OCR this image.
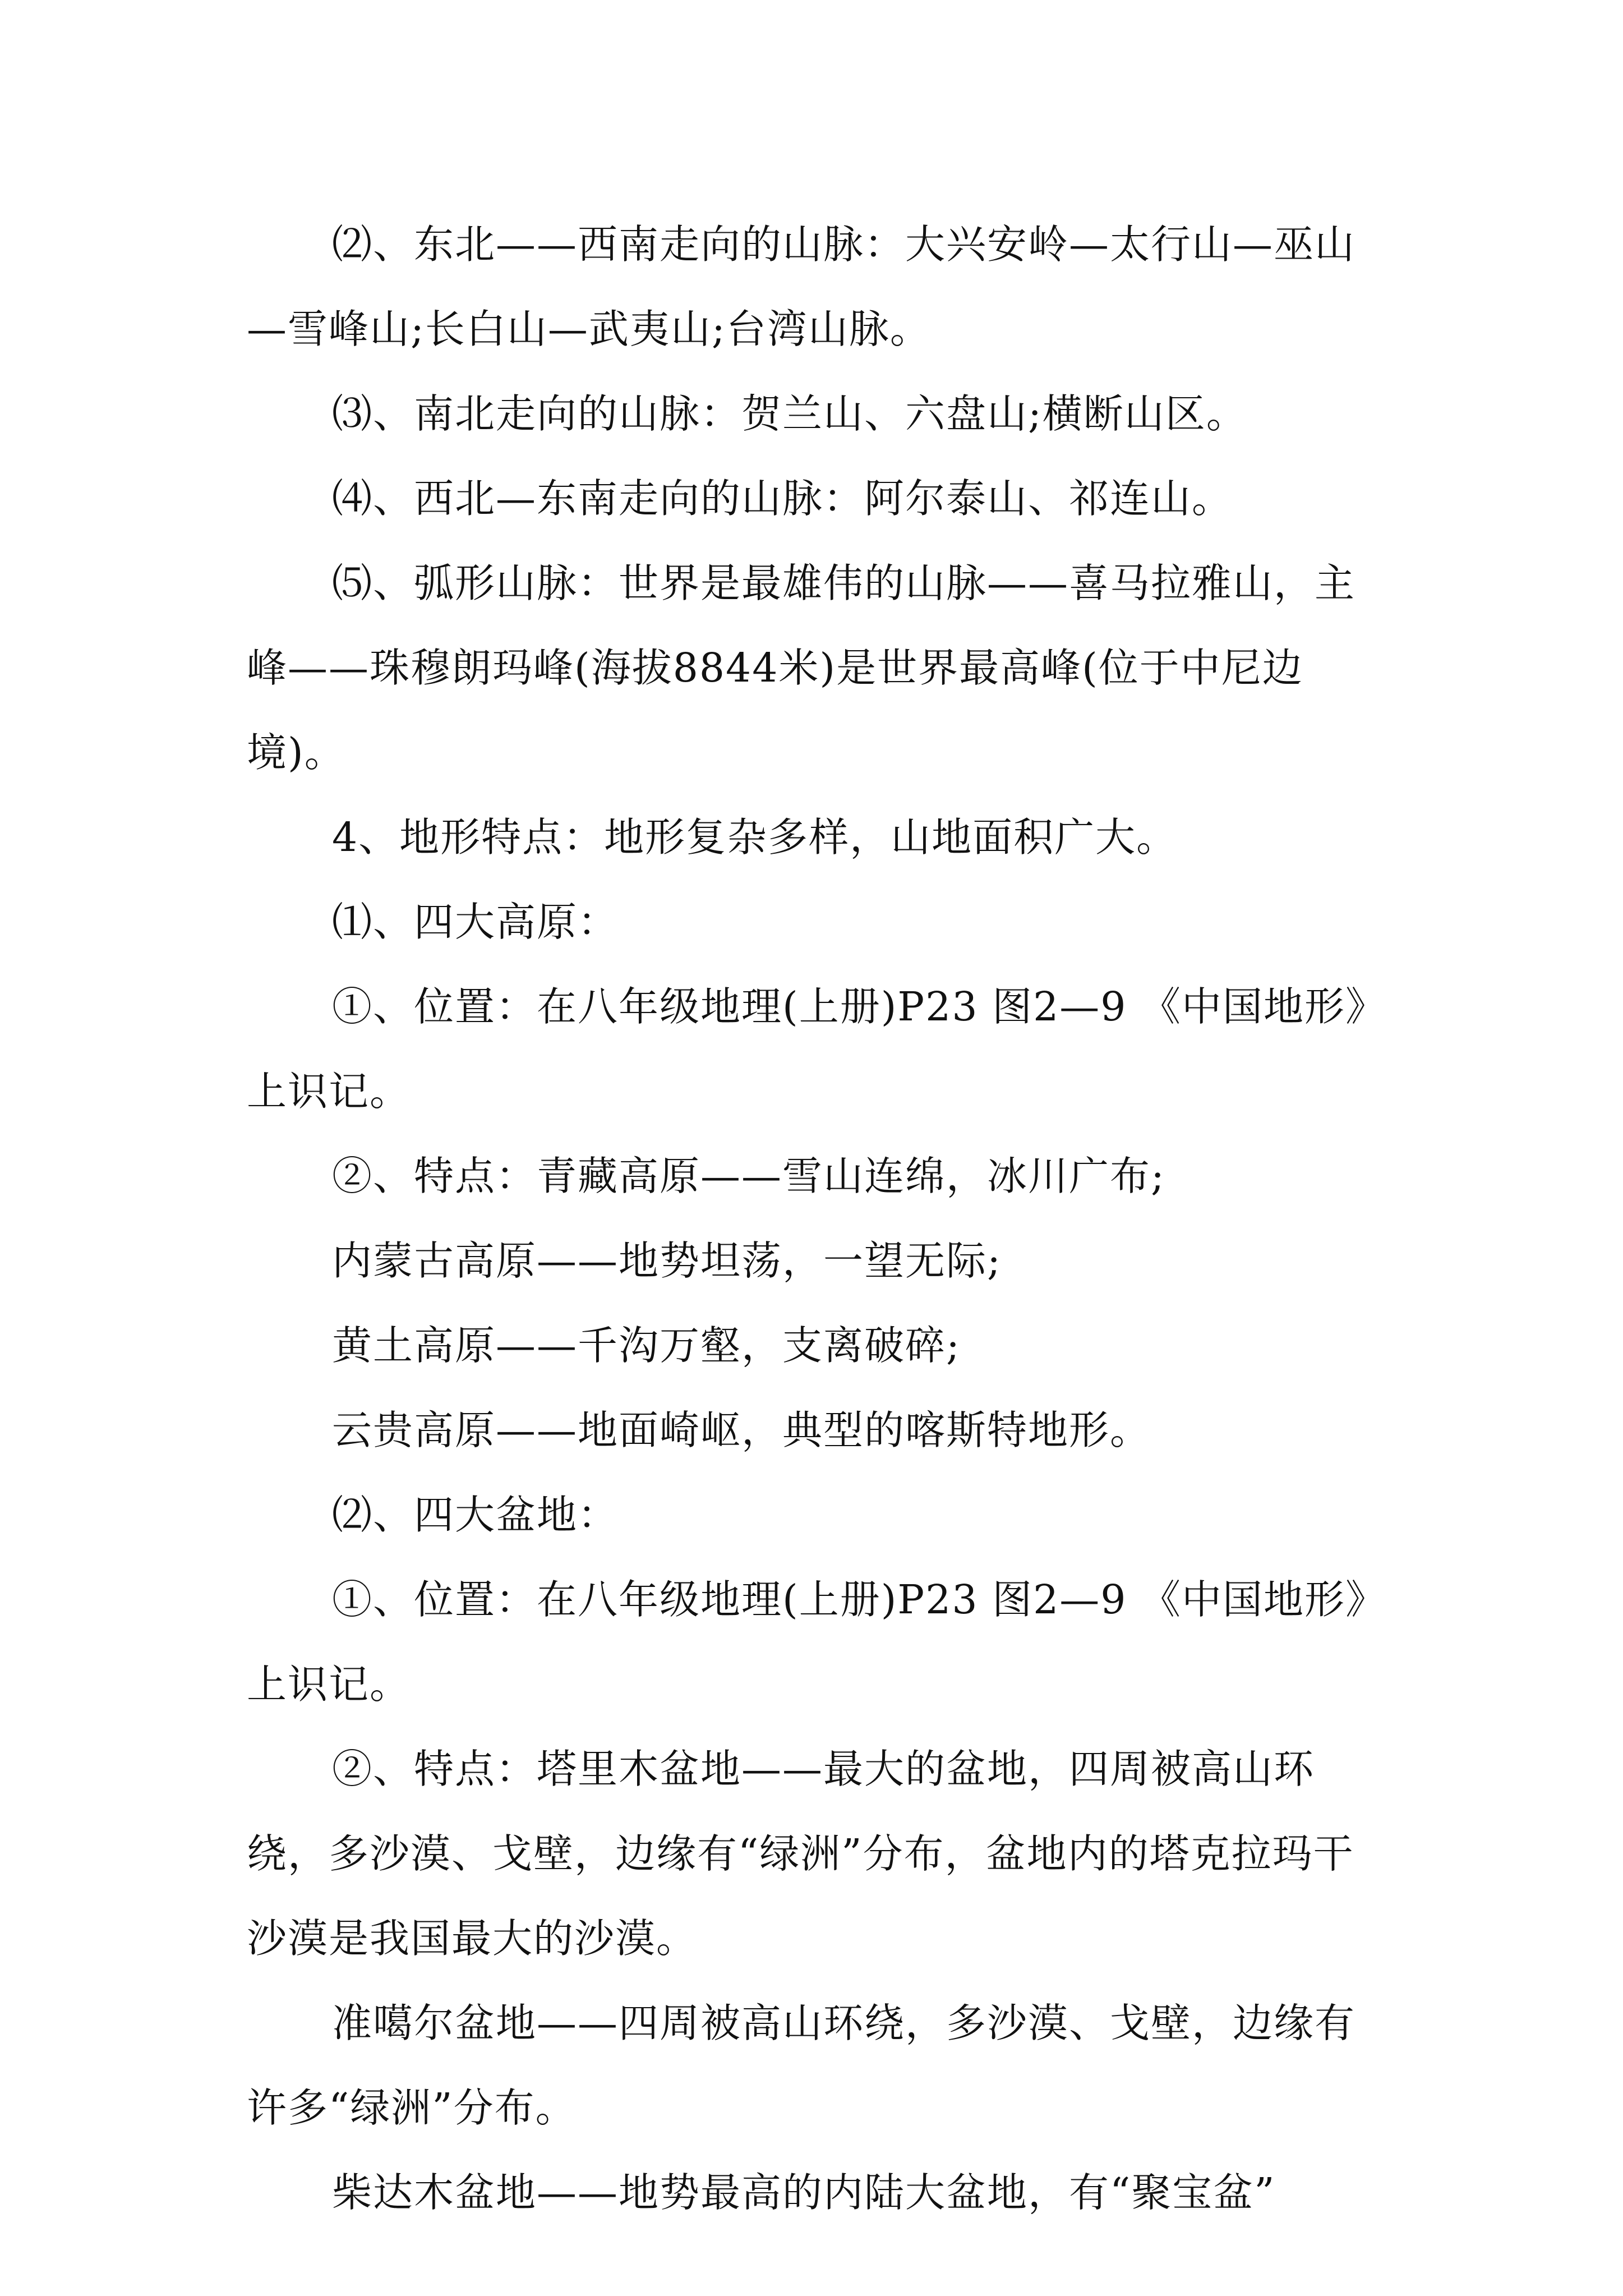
⑵、东北——西南走向的山脉：大兴安岭—太行山—巫山—雪峰山;长白山—武夷山;台湾山脉。

⑶、南北走向的山脉：贺兰山、六盘山;横断山区。

⑷、西北—东南走向的山脉：阿尔泰山、祁连山。

⑸、弧形山脉：世界是最雄伟的山脉——喜马拉雅山，主峰——珠穆朗玛峰(海拔8844米)是世界最高峰(位于中尼边境)。

4、地形特点：地形复杂多样，山地面积广大。

⑴、四大高原：

①、位置：在八年级地理(上册)P23 图2—9 《中国地形》上识记。

②、特点：青藏高原——雪山连绵，冰川广布;

内蒙古高原——地势坦荡，一望无际;

黄土高原——千沟万壑，支离破碎;

云贵高原——地面崎岖，典型的喀斯特地形。

⑵、四大盆地：

①、位置：在八年级地理(上册)P23 图2—9 《中国地形》上识记。

②、特点：塔里木盆地——最大的盆地，四周被高山环绕，多沙漠、戈壁，边缘有“绿洲”分布，盆地内的塔克拉玛干沙漠是我国最大的沙漠。

准噶尔盆地——四周被高山环绕，多沙漠、戈壁，边缘有许多“绿洲”分布。

柴达木盆地——地势最高的内陆大盆地，有“聚宝盆”
